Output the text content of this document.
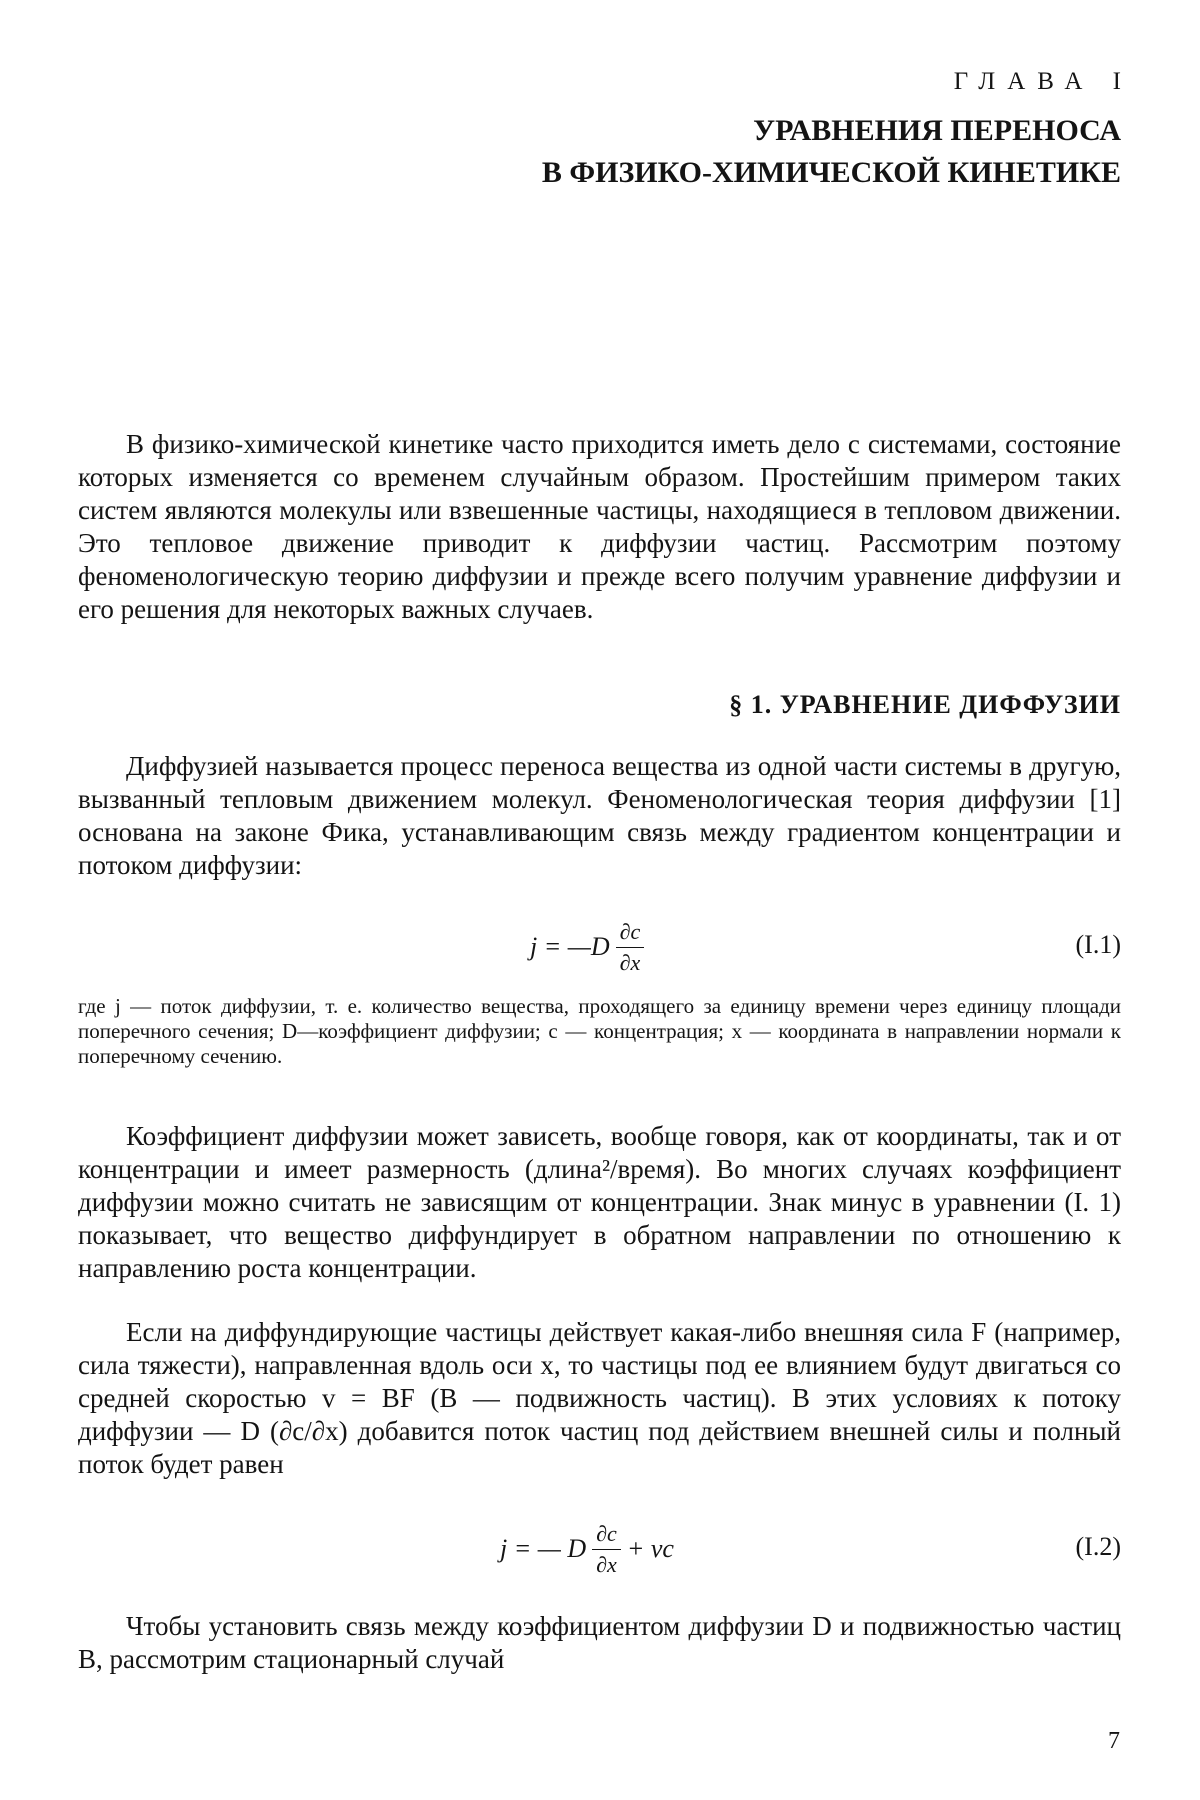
ГЛАВА I
УРАВНЕНИЯ ПЕРЕНОСА
В ФИЗИКО-ХИМИЧЕСКОЙ КИНЕТИКЕ

В физико-химической кинетике часто приходится иметь дело с системами, состояние которых изменяется со временем случайным образом. Простейшим примером таких систем являются молекулы или взвешенные частицы, находящиеся в тепловом движении. Это тепловое движение приводит к диффузии частиц. Рассмотрим поэтому феноменологическую теорию диффузии и прежде всего получим уравнение диффузии и его решения для некоторых важных случаев.

§ 1. УРАВНЕНИЕ ДИФФУЗИИ

Диффузией называется процесс переноса вещества из одной части системы в другую, вызванный тепловым движением молекул. Феноменологическая теория диффузии [1] основана на законе Фика, устанавливающим связь между градиентом концентрации и потоком диффузии:

j = —D $\frac{\partial c}{\partial x}$	(I.1)

где j — поток диффузии, т. е. количество вещества, проходящего за единицу времени через единицу площади поперечного сечения; D—коэффициент диффузии; c — концентрация; x — координата в направлении нормали к поперечному сечению.

Коэффициент диффузии может зависеть, вообще говоря, как от координаты, так и от концентрации и имеет размерность (длина²/время). Во многих случаях коэффициент диффузии можно считать не зависящим от концентрации. Знак минус в уравнении (I. 1) показывает, что вещество диффундирует в обратном направлении по отношению к направлению роста концентрации.

Если на диффундирующие частицы действует какая-либо внешняя сила F (например, сила тяжести), направленная вдоль оси x, то частицы под ее влиянием будут двигаться со средней скоростью v = BF (B — подвижность частиц). В этих условиях к потоку диффузии — D (∂c/∂x) добавится поток частиц под действием внешней силы и полный поток будет равен

j = — D $\frac{\partial c}{\partial x}$ + vc	(I.2)

Чтобы установить связь между коэффициентом диффузии D и подвижностью частиц B, рассмотрим стационарный случай

7
